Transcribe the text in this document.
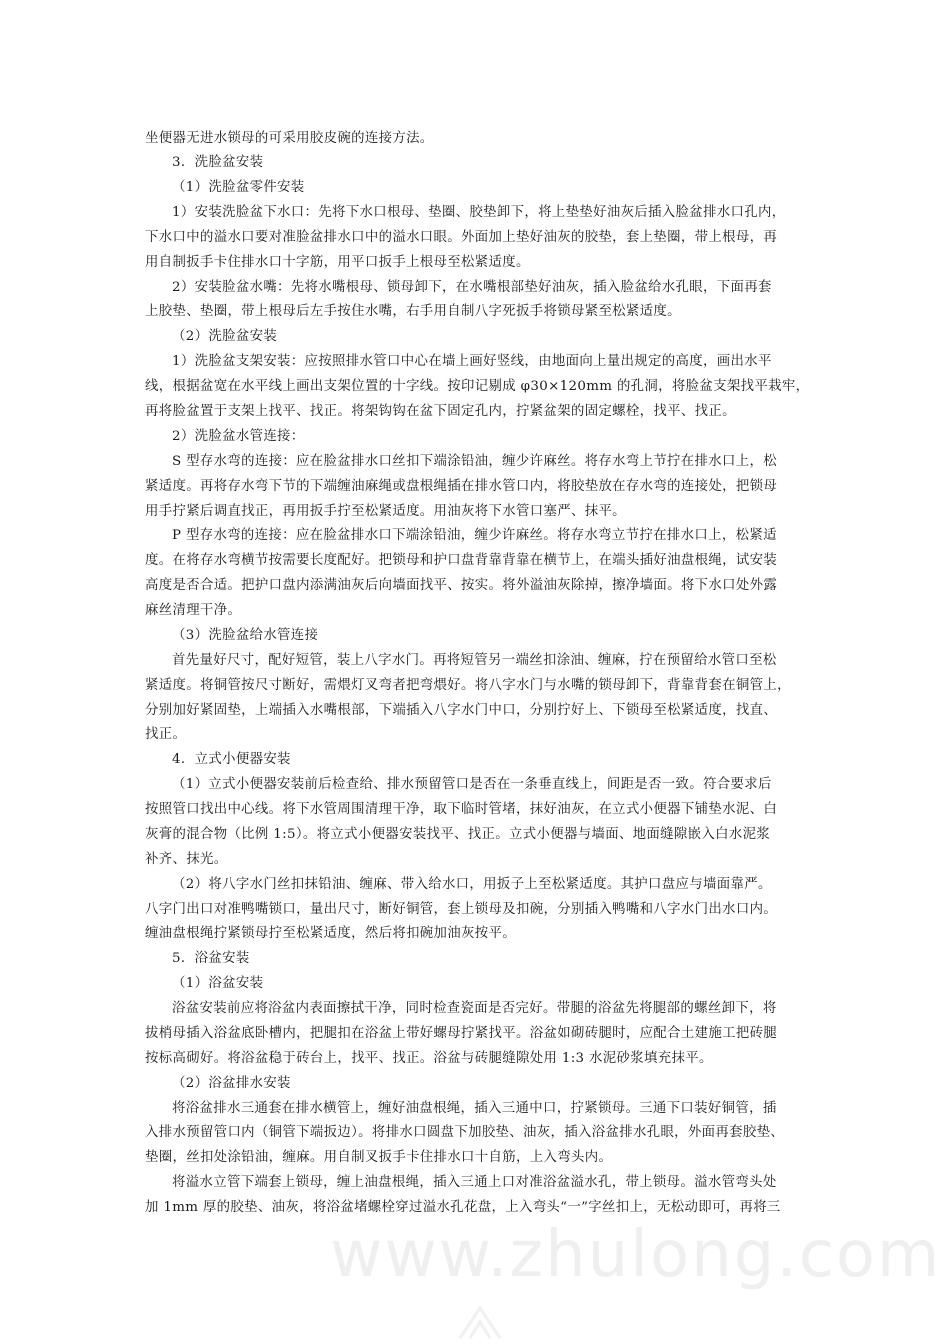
www.zhulong.com
坐便器无进水锁母的可采用胶皮碗的连接方法。
3．洗脸盆安装
（1）洗脸盆零件安装
1）安装洗脸盆下水口：先将下水口根母、垫圈、胶垫卸下，将上垫垫好油灰后插入脸盆排水口孔内，
下水口中的溢水口要对准脸盆排水口中的溢水口眼。外面加上垫好油灰的胶垫，套上垫圈，带上根母，再
用自制扳手卡住排水口十字筋，用平口扳手上根母至松紧适度。
2）安装脸盆水嘴：先将水嘴根母、锁母卸下，在水嘴根部垫好油灰，插入脸盆给水孔眼，下面再套
上胶垫、垫圈，带上根母后左手按住水嘴，右手用自制八字死扳手将锁母紧至松紧适度。
（2）洗脸盆安装
1）洗脸盆支架安装：应按照排水管口中心在墙上画好竖线，由地面向上量出规定的高度，画出水平
线，根据盆宽在水平线上画出支架位置的十字线。按印记剔成 φ30×120mm 的孔洞，将脸盆支架找平栽牢，
再将脸盆置于支架上找平、找正。将架钩钩在盆下固定孔内，拧紧盆架的固定螺栓，找平、找正。
2）洗脸盆水管连接：
S 型存水弯的连接：应在脸盆排水口丝扣下端涂铅油，缠少许麻丝。将存水弯上节拧在排水口上，松
紧适度。再将存水弯下节的下端缠油麻绳或盘根绳插在排水管口内，将胶垫放在存水弯的连接处，把锁母
用手拧紧后调直找正，再用扳手拧至松紧适度。用油灰将下水管口塞严、抹平。
P 型存水弯的连接：应在脸盆排水口下端涂铅油，缠少许麻丝。将存水弯立节拧在排水口上，松紧适
度。在将存水弯横节按需要长度配好。把锁母和护口盘背靠背靠在横节上，在端头插好油盘根绳，试安装
高度是否合适。把护口盘内添满油灰后向墙面找平、按实。将外溢油灰除掉，擦净墙面。将下水口处外露
麻丝清理干净。
（3）洗脸盆给水管连接
首先量好尺寸，配好短管，装上八字水门。再将短管另一端丝扣涂油、缠麻，拧在预留给水管口至松
紧适度。将铜管按尺寸断好，需煨灯叉弯者把弯煨好。将八字水门与水嘴的锁母卸下，背靠背套在铜管上，
分别加好紧固垫，上端插入水嘴根部，下端插入八字水门中口，分别拧好上、下锁母至松紧适度，找直、
找正。
4．立式小便器安装
（1）立式小便器安装前后检查给、排水预留管口是否在一条垂直线上，间距是否一致。符合要求后
按照管口找出中心线。将下水管周围清理干净，取下临时管堵，抹好油灰，在立式小便器下铺垫水泥、白
灰膏的混合物（比例 1:5）。将立式小便器安装找平、找正。立式小便器与墙面、地面缝隙嵌入白水泥浆
补齐、抹光。
（2）将八字水门丝扣抹铅油、缠麻、带入给水口，用扳子上至松紧适度。其护口盘应与墙面靠严。
八字门出口对准鸭嘴锁口，量出尺寸，断好铜管，套上锁母及扣碗，分别插入鸭嘴和八字水门出水口内。
缠油盘根绳拧紧锁母拧至松紧适度，然后将扣碗加油灰按平。
5．浴盆安装
（1）浴盆安装
浴盆安装前应将浴盆内表面擦拭干净，同时检查瓷面是否完好。带腿的浴盆先将腿部的螺丝卸下，将
拔梢母插入浴盆底卧槽内，把腿扣在浴盆上带好螺母拧紧找平。浴盆如砌砖腿时，应配合土建施工把砖腿
按标高砌好。将浴盆稳于砖台上，找平、找正。浴盆与砖腿缝隙处用 1:3 水泥砂浆填充抹平。
（2）浴盆排水安装
将浴盆排水三通套在排水横管上，缠好油盘根绳，插入三通中口，拧紧锁母。三通下口装好铜管，插
入排水预留管口内（铜管下端扳边）。将排水口圆盘下加胶垫、油灰，插入浴盆排水孔眼，外面再套胶垫、
垫圈，丝扣处涂铅油，缠麻。用自制叉扳手卡住排水口十自筋，上入弯头内。
将溢水立管下端套上锁母，缠上油盘根绳，插入三通上口对准浴盆溢水孔，带上锁母。溢水管弯头处
加 1mm 厚的胶垫、油灰，将浴盆堵螺栓穿过溢水孔花盘，上入弯头“一”字丝扣上，无松动即可，再将三
